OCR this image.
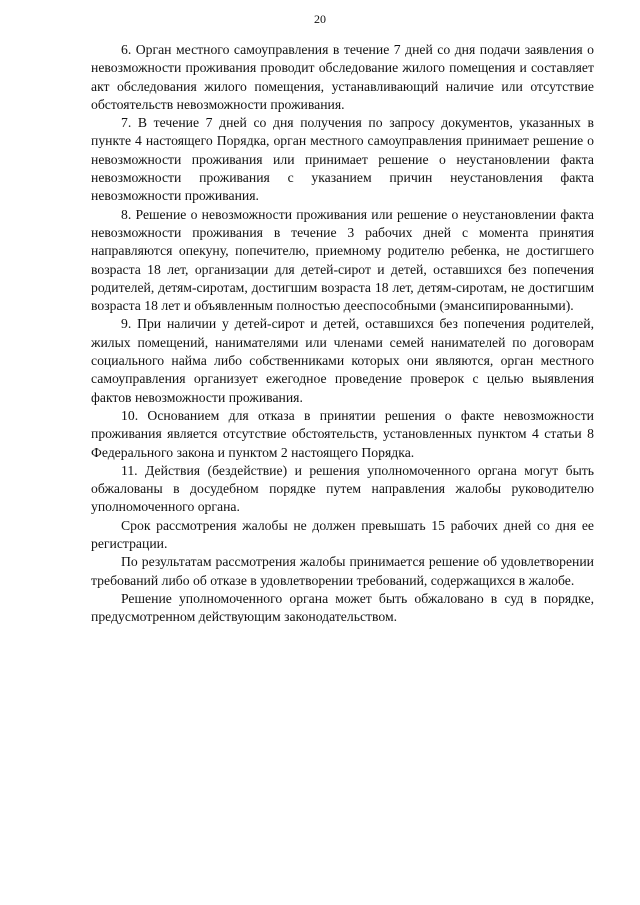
20

6. Орган местного самоуправления в течение 7 дней со дня подачи заявления о невозможности проживания проводит обследование жилого помещения и составляет акт обследования жилого помещения, устанавливающий наличие или отсутствие обстоятельств невозможности проживания.

7. В течение 7 дней со дня получения по запросу документов, указанных в пункте 4 настоящего Порядка, орган местного самоуправления принимает решение о невозможности проживания или принимает решение о неустановлении факта невозможности проживания с указанием причин неустановления факта невозможности проживания.

8. Решение о невозможности проживания или решение о неустановлении факта невозможности проживания в течение 3 рабочих дней с момента принятия направляются опекуну, попечителю, приемному родителю ребенка, не достигшего возраста 18 лет, организации для детей-сирот и детей, оставшихся без попечения родителей, детям-сиротам, достигшим возраста 18 лет, детям-сиротам, не достигшим возраста 18 лет и объявленным полностью дееспособными (эмансипированными).

9. При наличии у детей-сирот и детей, оставшихся без попечения родителей, жилых помещений, нанимателями или членами семей нанимателей по договорам социального найма либо собственниками которых они являются, орган местного самоуправления организует ежегодное проведение проверок с целью выявления фактов невозможности проживания.

10. Основанием для отказа в принятии решения о факте невозможности проживания является отсутствие обстоятельств, установленных пунктом 4 статьи 8 Федерального закона и пунктом 2 настоящего Порядка.

11. Действия (бездействие) и решения уполномоченного органа могут быть обжалованы в досудебном порядке путем направления жалобы руководителю уполномоченного органа.

Срок рассмотрения жалобы не должен превышать 15 рабочих дней со дня ее регистрации.

По результатам рассмотрения жалобы принимается решение об удовлетворении требований либо об отказе в удовлетворении требований, содержащихся в жалобе.

Решение уполномоченного органа может быть обжаловано в суд в порядке, предусмотренном действующим законодательством.
